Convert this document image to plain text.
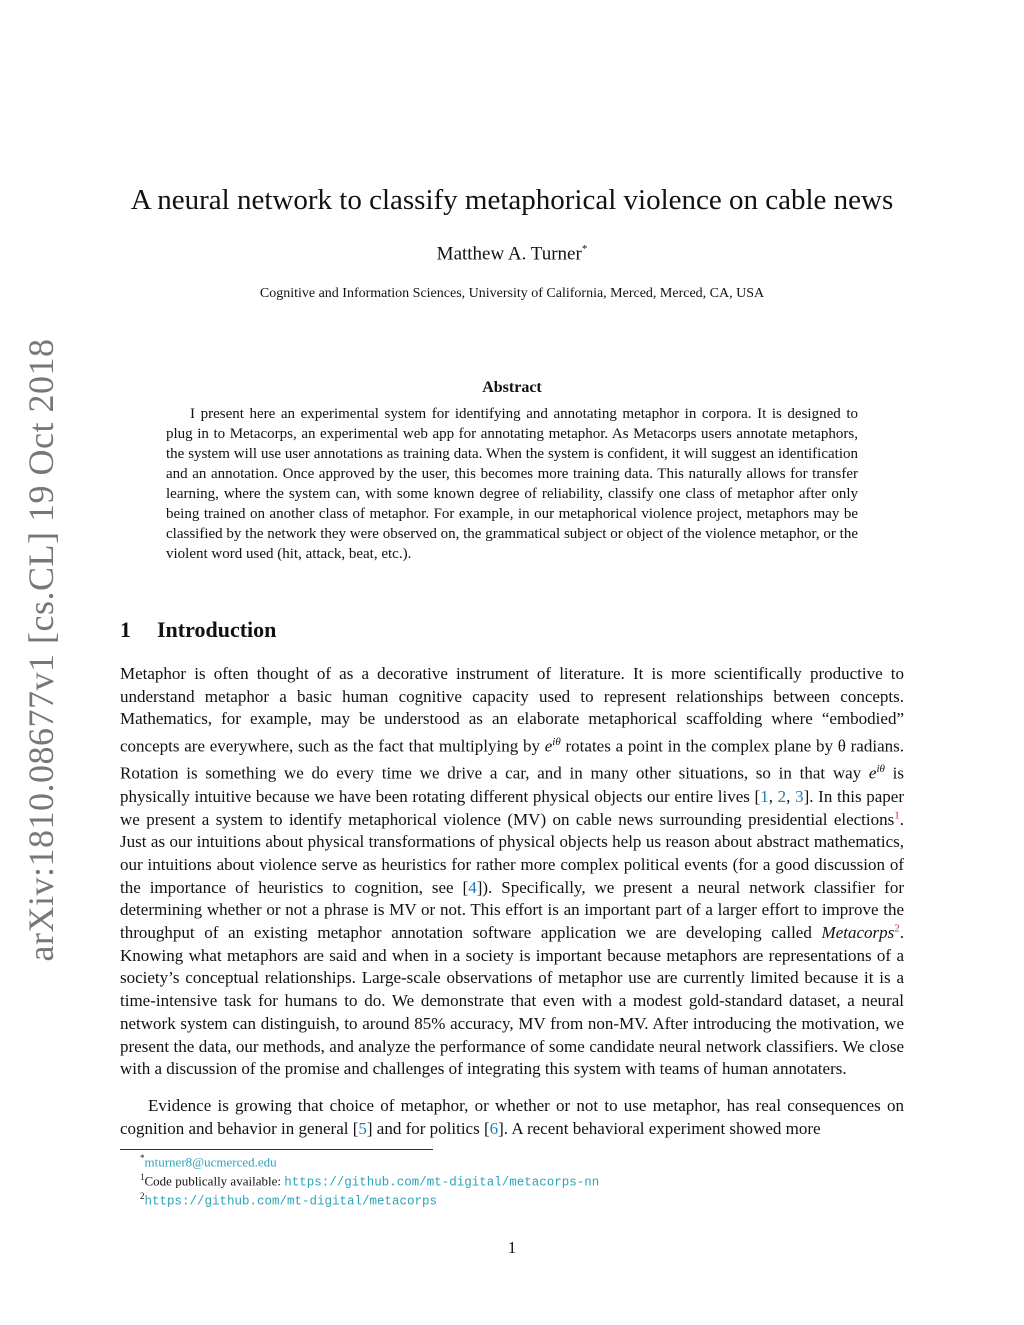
arXiv:1810.08677v1 [cs.CL] 19 Oct 2018
A neural network to classify metaphorical violence on cable news
Matthew A. Turner*
Cognitive and Information Sciences, University of California, Merced, Merced, CA, USA
Abstract

I present here an experimental system for identifying and annotating metaphor in corpora. It is designed to plug in to Metacorps, an experimental web app for annotating metaphor. As Metacorps users annotate metaphors, the system will use user annotations as training data. When the system is confident, it will suggest an identification and an annotation. Once approved by the user, this becomes more training data. This naturally allows for transfer learning, where the system can, with some known degree of reliability, classify one class of metaphor after only being trained on another class of metaphor. For example, in our metaphorical violence project, metaphors may be classified by the network they were observed on, the grammatical subject or object of the violence metaphor, or the violent word used (hit, attack, beat, etc.).

1 Introduction

Metaphor is often thought of as a decorative instrument of literature. It is more scientifically productive to understand metaphor a basic human cognitive capacity used to represent relationships between concepts. Mathematics, for example, may be understood as an elaborate metaphorical scaffolding where “embodied” concepts are everywhere, such as the fact that multiplying by $e^{i\theta}$ rotates a point in the complex plane by θ radians. Rotation is something we do every time we drive a car, and in many other situations, so in that way $e^{i\theta}$ is physically intuitive because we have been rotating different physical objects our entire lives [1, 2, 3]. In this paper we present a system to identify metaphorical violence (MV) on cable news surrounding presidential elections$^1$. Just as our intuitions about physical transformations of physical objects help us reason about abstract mathematics, our intuitions about violence serve as heuristics for rather more complex political events (for a good discussion of the importance of heuristics to cognition, see [4]). Specifically, we present a neural network classifier for determining whether or not a phrase is MV or not. This effort is an important part of a larger effort to improve the throughput of an existing metaphor annotation software application we are developing called Metacorps$^2$. Knowing what metaphors are said and when in a society is important because metaphors are representations of a society’s conceptual relationships. Large-scale observations of metaphor use are currently limited because it is a time-intensive task for humans to do. We demonstrate that even with a modest gold-standard dataset, a neural network system can distinguish, to around 85% accuracy, MV from non-MV. After introducing the motivation, we present the data, our methods, and analyze the performance of some candidate neural network classifiers. We close with a discussion of the promise and challenges of integrating this system with teams of human annotaters.

Evidence is growing that choice of metaphor, or whether or not to use metaphor, has real consequences on cognition and behavior in general [5] and for politics [6]. A recent behavioral experiment showed more

*mturner8@ucmerced.edu
$^1$Code publically available: https://github.com/mt-digital/metacorps-nn
$^2$https://github.com/mt-digital/metacorps
1
